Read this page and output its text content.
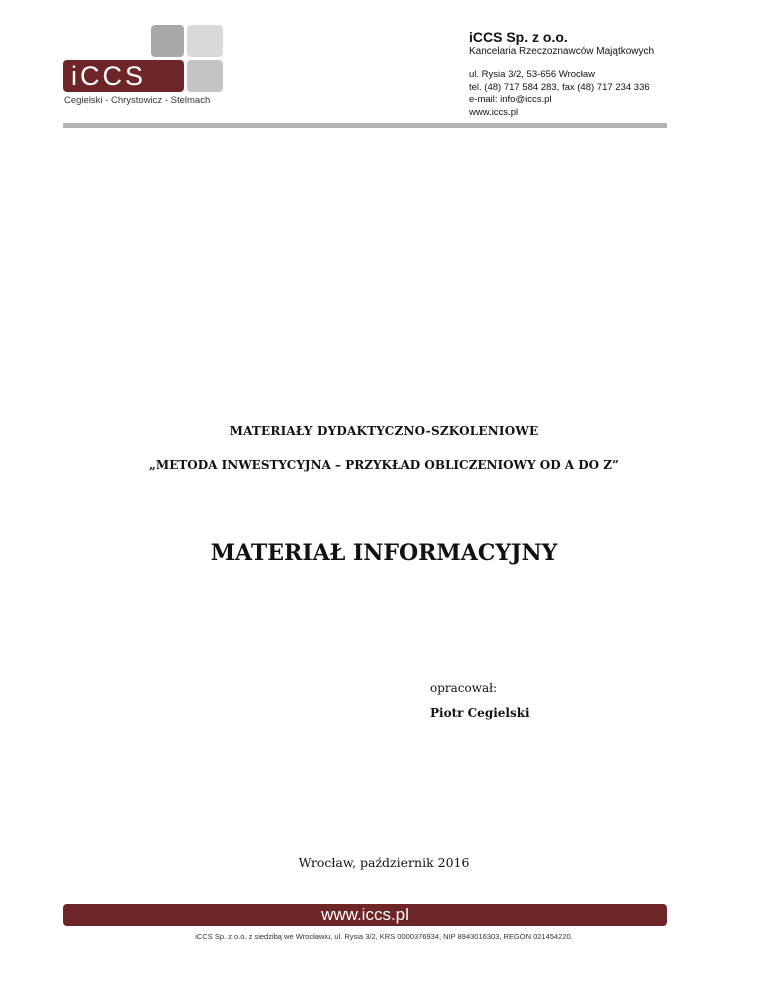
iCCS
Cegielski - Chrystowicz - Stelmach
iCCS Sp. z o.o.
Kancelaria Rzeczoznawców Majątkowych
ul. Rysia 3/2, 53-656 Wrocław
tel. (48) 717 584 283, fax (48) 717 234 336
e-mail: info@iccs.pl
www.iccs.pl
MATERIAŁY DYDAKTYCZNO-SZKOLENIOWE
„METODA INWESTYCYJNA – PRZYKŁAD OBLICZENIOWY OD A DO Z”
MATERIAŁ INFORMACYJNY
opracował:
Piotr Cegielski
Wrocław, październik 2016
www.iccs.pl
iCCS Sp. z o.o. z siedzibą we Wrocławiu, ul. Rysia 3/2, KRS 0000376934, NIP 8943016303, REGON 021454220.
